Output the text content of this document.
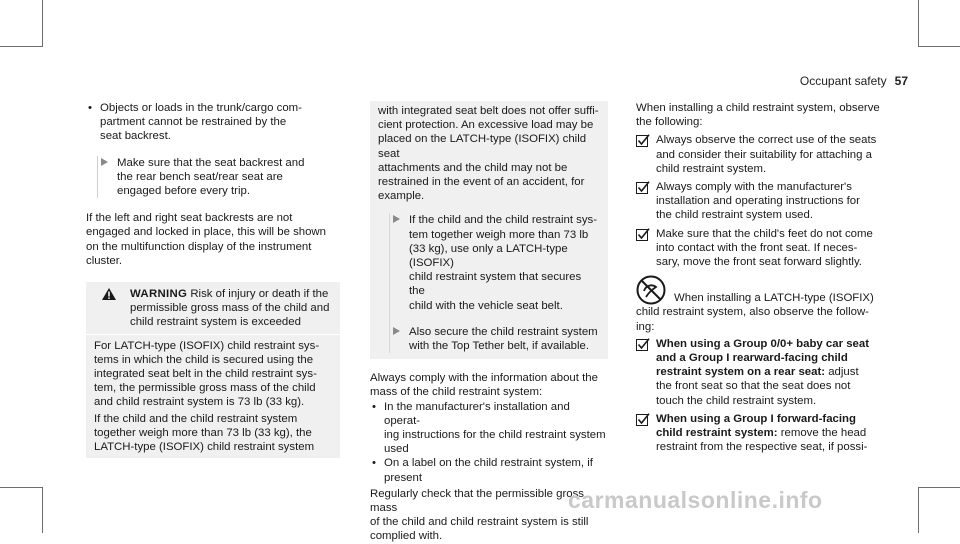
Occupant safety 57

• Objects or loads in the trunk/cargo com-
partment cannot be restrained by the
seat backrest.

Make sure that the seat backrest and
the rear bench seat/rear seat are
engaged before every trip.

If the left and right seat backrests are not
engaged and locked in place, this will be shown
on the multifunction display of the instrument
cluster.

WARNING Risk of injury or death if the
permissible gross mass of the child and
child restraint system is exceeded

For LATCH-type (ISOFIX) child restraint sys-
tems in which the child is secured using the
integrated seat belt in the child restraint sys-
tem, the permissible gross mass of the child
and child restraint system is 73 lb (33 kg).

If the child and the child restraint system
together weigh more than 73 lb (33 kg), the
LATCH-type (ISOFIX) child restraint system

with integrated seat belt does not offer suffi-
cient protection. An excessive load may be
placed on the LATCH-type (ISOFIX) child seat
attachments and the child may not be
restrained in the event of an accident, for
example.

If the child and the child restraint sys-
tem together weigh more than 73 lb
(33 kg), use only a LATCH-type (ISOFIX)
child restraint system that secures the
child with the vehicle seat belt.

Also secure the child restraint system
with the Top Tether belt, if available.

Always comply with the information about the
mass of the child restraint system:

• In the manufacturer's installation and operat-
ing instructions for the child restraint system
used

• On a label on the child restraint system, if
present

Regularly check that the permissible gross mass
of the child and child restraint system is still
complied with.

When installing a child restraint system, observe
the following:

Always observe the correct use of the seats
and consider their suitability for attaching a
child restraint system.

Always comply with the manufacturer's
installation and operating instructions for
the child restraint system used.

Make sure that the child's feet do not come
into contact with the front seat. If neces-
sary, move the front seat forward slightly.

When installing a LATCH-type (ISOFIX)

child restraint system, also observe the follow-
ing:

When using a Group 0/0+ baby car seat
and a Group I rearward-facing child
restraint system on a rear seat: adjust
the front seat so that the seat does not
touch the child restraint system.

When using a Group I forward-facing
child restraint system: remove the head
restraint from the respective seat, if possi-

carmanualsonline.info
